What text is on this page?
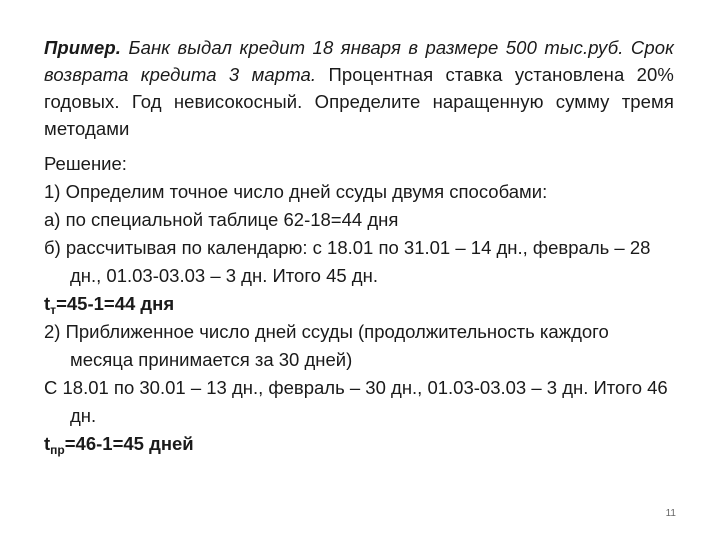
Пример. Банк выдал кредит 18 января в размере 500 тыс.руб. Срок возврата кредита 3 марта. Процентная ставка установлена 20% годовых. Год невисокосный. Определите наращенную сумму тремя методами

Решение:

1) Определим точное число дней ссуды двумя способами:

а) по специальной таблице 62-18=44 дня

б) рассчитывая по календарю: с 18.01 по 31.01 – 14 дн., февраль – 28 дн., 01.03-03.03 – 3 дн. Итого 45 дн.

$t_т=45-1=44$ дня

2) Приближенное число дней ссуды (продолжительность каждого месяца принимается за 30 дней)

С 18.01 по 30.01 – 13 дн., февраль – 30 дн., 01.03-03.03 – 3 дн. Итого 46 дн.

$t_{пр}=46-1=45$ дней

11
